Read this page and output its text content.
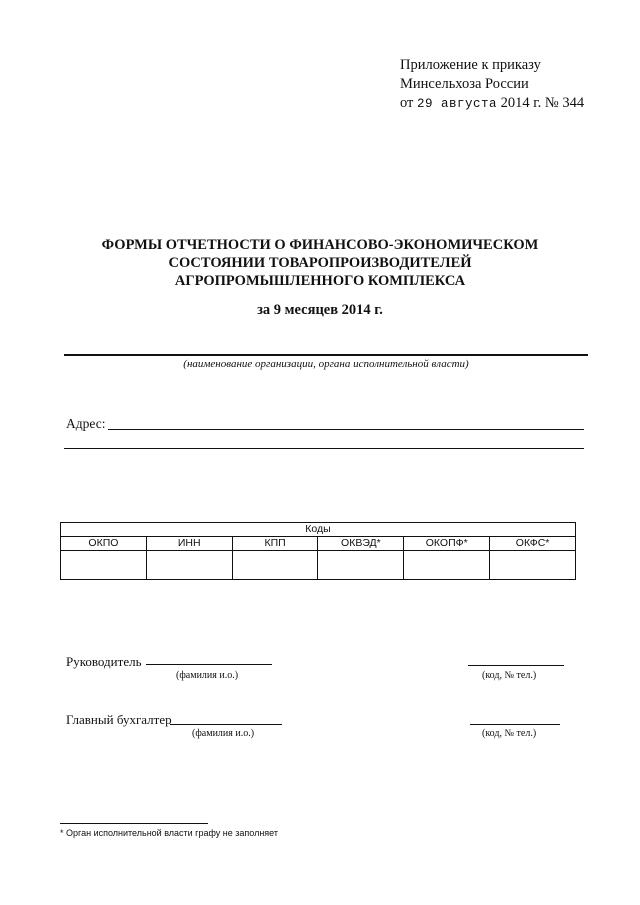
Приложение к приказу
Минсельхоза России
от 29 августа 2014 г. № 344
ФОРМЫ ОТЧЕТНОСТИ О ФИНАНСОВО-ЭКОНОМИЧЕСКОМ
СОСТОЯНИИ ТОВАРОПРОИЗВОДИТЕЛЕЙ
АГРОПРОМЫШЛЕННОГО КОМПЛЕКСА
за 9 месяцев 2014 г.
(наименование организации, органа исполнительной власти)
Адрес:
Коды					
ОКПО	ИНН	КПП	ОКВЭД*	ОКОПФ*	ОКФС*

Руководитель
(фамилия и.о.)	(код, № тел.)
Главный бухгалтер
(фамилия и.о.)	(код, № тел.)
* Орган исполнительной власти графу не заполняет
